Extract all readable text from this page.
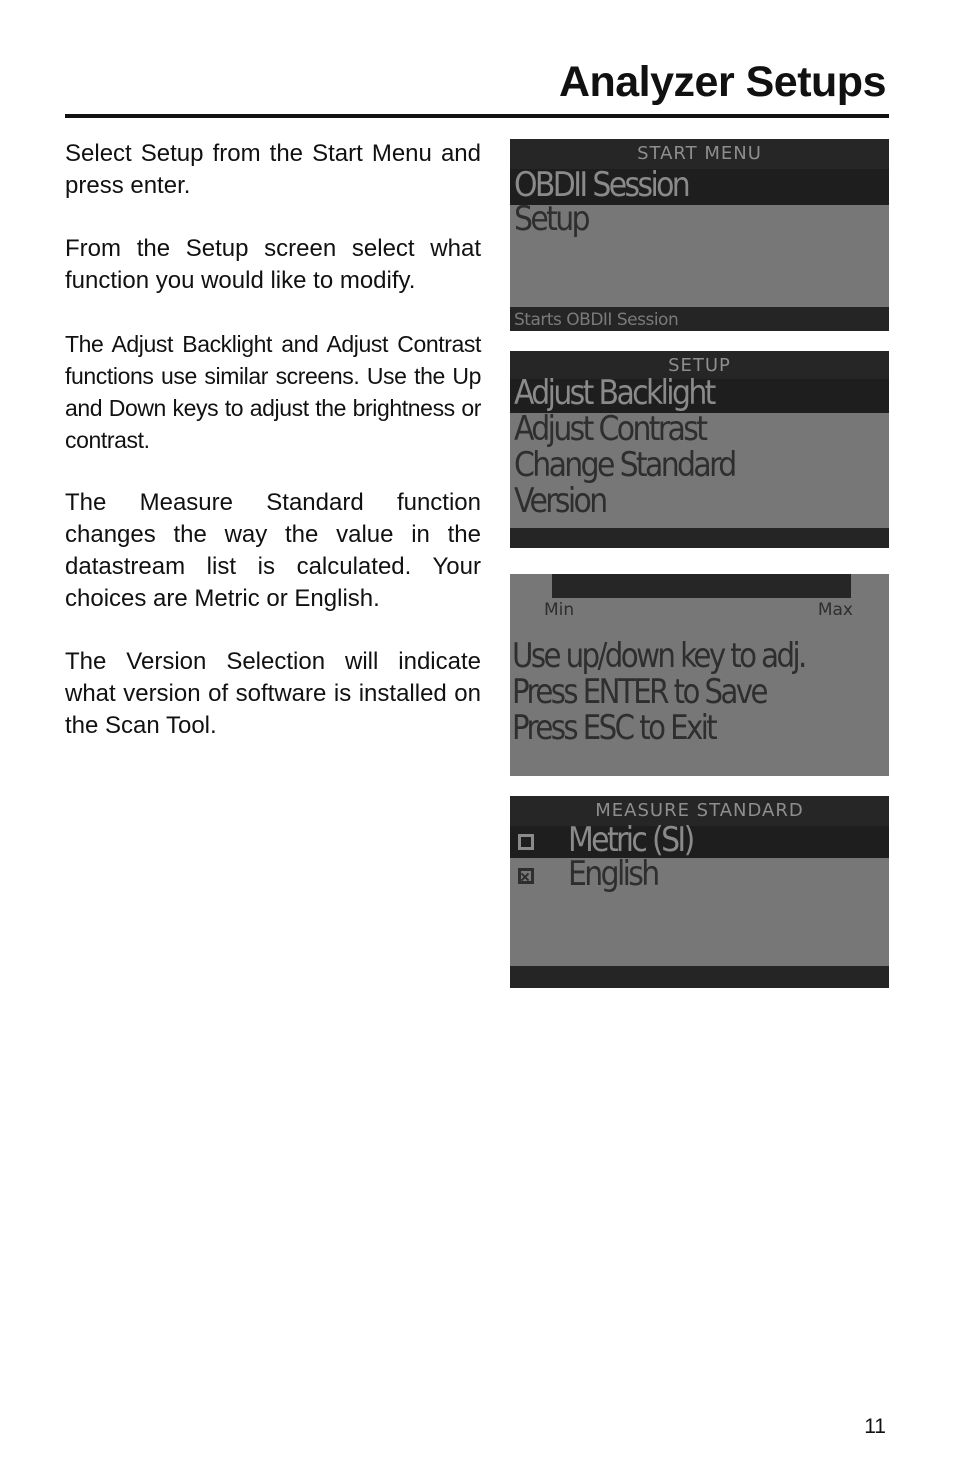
Analyzer Setups

Select Setup from the Start Menu and press enter.

From the Setup screen select what function you would like to modify.

The Adjust Backlight and Adjust Contrast functions use similar screens. Use the Up and Down keys to adjust the brightness or contrast.

The Measure Standard function changes the way the value in the datastream list is calculated. Your choices are Metric or English.

The Version Selection will indicate what version of software is installed on the Scan Tool.

START MENU
OBDII Session
Setup
Starts OBDII Session
SETUP
Adjust Backlight
Adjust Contrast
Change Standard
Version
Min	Max
Use up/down key to adj.
Press ENTER to Save
Press ESC to Exit
MEASURE STANDARD
Metric (SI)
English
11
